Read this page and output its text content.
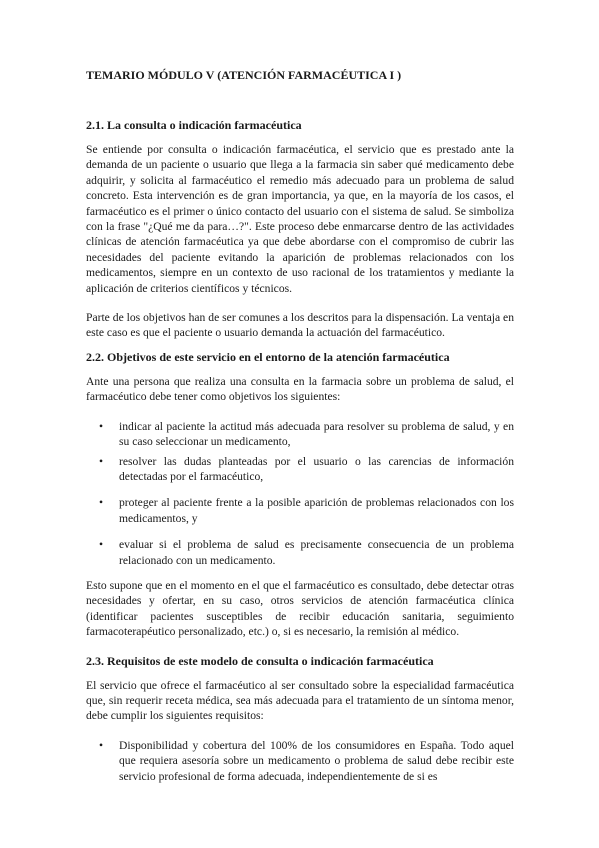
TEMARIO MÓDULO V (ATENCIÓN FARMACÉUTICA I )
2.1. La consulta o indicación farmacéutica

Se entiende por consulta o indicación farmacéutica, el servicio que es prestado ante la demanda de un paciente o usuario que llega a la farmacia sin saber qué medicamento debe adquirir, y solicita al farmacéutico el remedio más adecuado para un problema de salud concreto. Esta intervención es de gran importancia, ya que, en la mayoría de los casos, el farmacéutico es el primer o único contacto del usuario con el sistema de salud. Se simboliza con la frase "¿Qué me da para…?". Este proceso debe enmarcarse dentro de las actividades clínicas de atención farmacéutica ya que debe abordarse con el compromiso de cubrir las necesidades del paciente evitando la aparición de problemas relacionados con los medicamentos, siempre en un contexto de uso racional de los tratamientos y mediante la aplicación de criterios científicos y técnicos.

Parte de los objetivos han de ser comunes a los descritos para la dispensación. La ventaja en este caso es que el paciente o usuario demanda la actuación del farmacéutico.

2.2. Objetivos de este servicio en el entorno de la atención farmacéutica

Ante una persona que realiza una consulta en la farmacia sobre un problema de salud, el farmacéutico debe tener como objetivos los siguientes:

• indicar al paciente la actitud más adecuada para resolver su problema de salud, y en su caso seleccionar un medicamento,
• resolver las dudas planteadas por el usuario o las carencias de información detectadas por el farmacéutico,
• proteger al paciente frente a la posible aparición de problemas relacionados con los medicamentos, y
• evaluar si el problema de salud es precisamente consecuencia de un problema relacionado con un medicamento.

Esto supone que en el momento en el que el farmacéutico es consultado, debe detectar otras necesidades y ofertar, en su caso, otros servicios de atención farmacéutica clínica (identificar pacientes susceptibles de recibir educación sanitaria, seguimiento farmacoterapéutico personalizado, etc.) o, si es necesario, la remisión al médico.

2.3. Requisitos de este modelo de consulta o indicación farmacéutica

El servicio que ofrece el farmacéutico al ser consultado sobre la especialidad farmacéutica que, sin requerir receta médica, sea más adecuada para el tratamiento de un síntoma menor, debe cumplir los siguientes requisitos:

• Disponibilidad y cobertura del 100% de los consumidores en España. Todo aquel que requiera asesoría sobre un medicamento o problema de salud debe recibir este servicio profesional de forma adecuada, independientemente de si es
